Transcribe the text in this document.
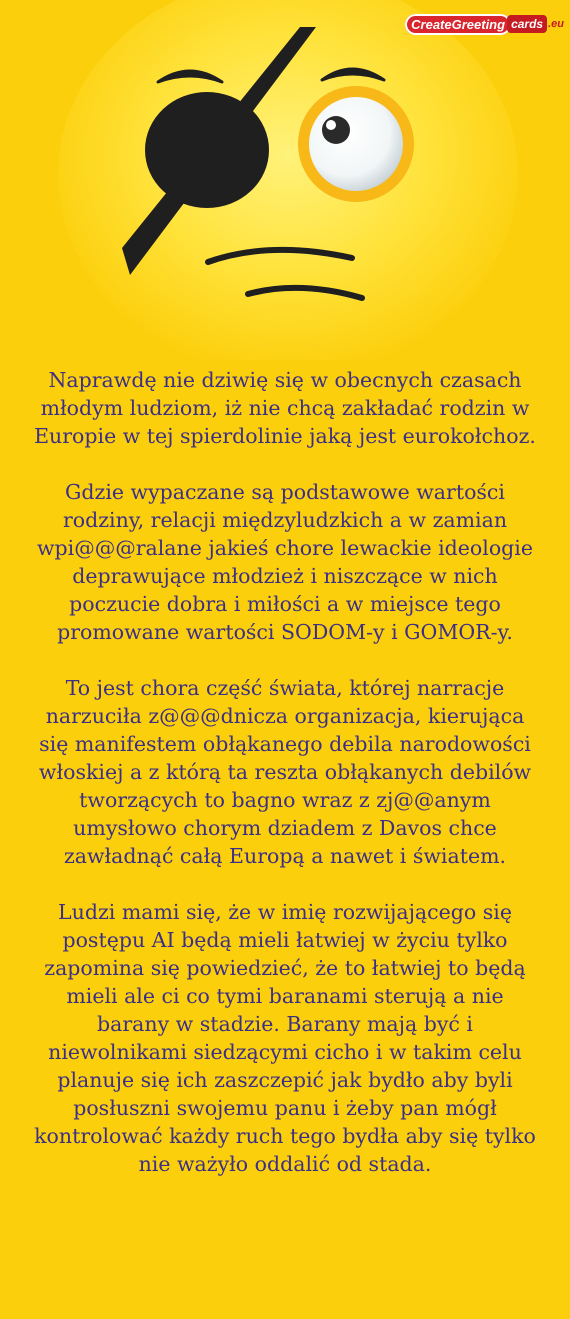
CreateGreeting cards .eu

Naprawdę nie dziwię się w obecnych czasach młodym ludziom, iż nie chcą zakładać rodzin w Europie w tej spierdolinie jaką jest eurokołchoz.

Gdzie wypaczane są podstawowe wartości rodziny, relacji międzyludzkich a w zamian wpi@@@ralane jakieś chore lewackie ideologie deprawujące młodzież i niszczące w nich poczucie dobra i miłości a w miejsce tego promowane wartości SODOM-y i GOMOR-y.

To jest chora część świata, której narracje narzuciła z@@@dnicza organizacja, kierująca się manifestem obłąkanego debila narodowości włoskiej a z którą ta reszta obłąkanych debilów tworzących to bagno wraz z zj@@anym umysłowo chorym dziadem z Davos chce zawładnąć całą Europą a nawet i światem.

Ludzi mami się, że w imię rozwijającego się postępu AI będą mieli łatwiej w życiu tylko zapomina się powiedzieć, że to łatwiej to będą mieli ale ci co tymi baranami sterują a nie barany w stadzie. Barany mają być i niewolnikami siedzącymi cicho i w takim celu planuje się ich zaszczepić jak bydło aby byli posłuszni swojemu panu i żeby pan mógł kontrolować każdy ruch tego bydła aby się tylko nie ważyło oddalić od stada.
